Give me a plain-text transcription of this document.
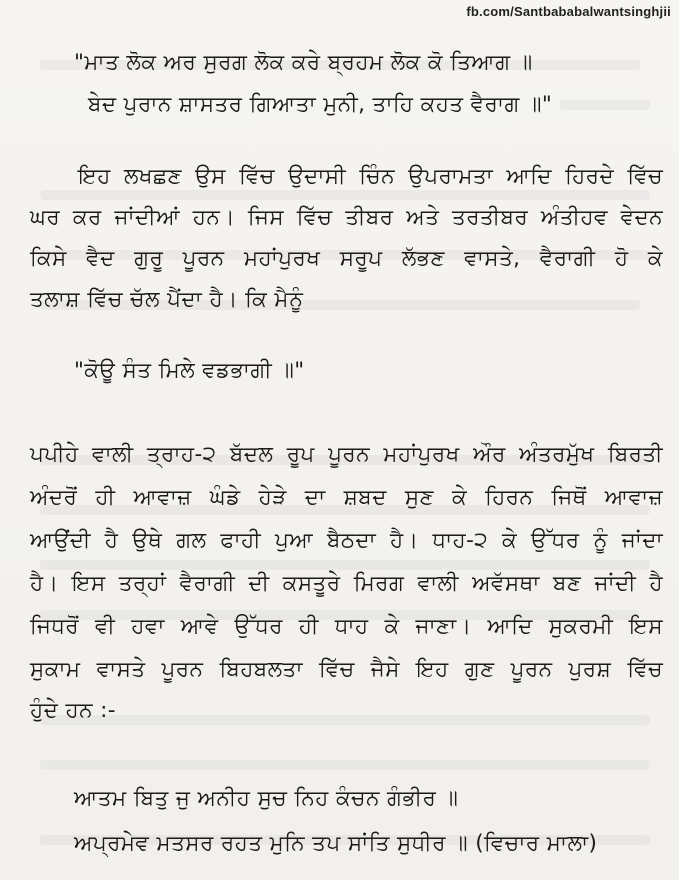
fb.com/Santbababalwantsinghjii
"ਮਾਤ ਲੋਕ ਅਰ ਸੁਰਗ ਲੋਕ ਕਰੇ ਬ੍ਰਹਮ ਲੋਕ ਕੋ ਤਿਆਗ ॥
ਬੇਦ ਪੁਰਾਨ ਸ਼ਾਸਤਰ ਗਿਆਤਾ ਮੁਨੀ, ਤਾਹਿ ਕਹਤ ਵੈਰਾਗ ॥"
ਇਹ ਲਖਛਣ ਉਸ ਵਿੱਚ ਉਦਾਸੀ ਚਿੰਨ ਉਪਰਾਮਤਾ ਆਦਿ ਹਿਰਦੇ ਵਿੱਚ
ਘਰ ਕਰ ਜਾਂਦੀਆਂ ਹਨ। ਜਿਸ ਵਿੱਚ ਤੀਬਰ ਅਤੇ ਤਰਤੀਬਰ ਅੰਤੀਹਵ ਵੇਦਨ
ਕਿਸੇ ਵੈਦ ਗੁਰੂ ਪੂਰਨ ਮਹਾਂਪੁਰਖ ਸਰੂਪ ਲੱਭਣ ਵਾਸਤੇ, ਵੈਰਾਗੀ ਹੋ ਕੇ
ਤਲਾਸ਼ ਵਿੱਚ ਚੱਲ ਪੈਂਦਾ ਹੈ। ਕਿ ਮੈਨੂੰ
"ਕੋਊ ਸੰਤ ਮਿਲੇ ਵਡਭਾਗੀ ॥"
ਪਪੀਹੇ ਵਾਲੀ ਤ੍ਰਾਹ-੨ ਬੱਦਲ ਰੂਪ ਪੂਰਨ ਮਹਾਂਪੁਰਖ ਔਰ ਅੰਤਰਮੁੱਖ ਬਿਰਤੀ
ਅੰਦਰੋਂ ਹੀ ਆਵਾਜ਼ ਘੰਡੇ ਹੇੜੇ ਦਾ ਸ਼ਬਦ ਸੁਣ ਕੇ ਹਿਰਨ ਜਿਥੋਂ ਆਵਾਜ਼
ਆਉਂਦੀ ਹੈ ਉਥੇ ਗਲ ਫਾਹੀ ਪੁਆ ਬੈਠਦਾ ਹੈ। ਧਾਹ-੨ ਕੇ ਉੱਧਰ ਨੂੰ ਜਾਂਦਾ
ਹੈ। ਇਸ ਤਰ੍ਹਾਂ ਵੈਰਾਗੀ ਦੀ ਕਸਤੂਰੇ ਮਿਰਗ ਵਾਲੀ ਅਵੱਸਥਾ ਬਣ ਜਾਂਦੀ ਹੈ
ਜਿਧਰੋਂ ਵੀ ਹਵਾ ਆਵੇ ਉੱਧਰ ਹੀ ਧਾਹ ਕੇ ਜਾਣਾ। ਆਦਿ ਸੁਕਰਮੀ ਇਸ
ਸੁਕਾਮ ਵਾਸਤੇ ਪੂਰਨ ਬਿਹਬਲਤਾ ਵਿੱਚ ਜੈਸੇ ਇਹ ਗੁਣ ਪੂਰਨ ਪੁਰਸ਼ ਵਿੱਚ
ਹੁੰਦੇ ਹਨ :-
ਆਤਮ ਬਿਤੁ ਜੁ ਅਨੀਹ ਸੁਚ ਨਿਹ ਕੰਚਨ ਗੰਭੀਰ ॥
ਅਪ੍ਰਮੇਵ ਮਤਸਰ ਰਹਤ ਮੁਨਿ ਤਪ ਸਾਂਤਿ ਸੁਧੀਰ ॥ (ਵਿਚਾਰ ਮਾਲਾ)
